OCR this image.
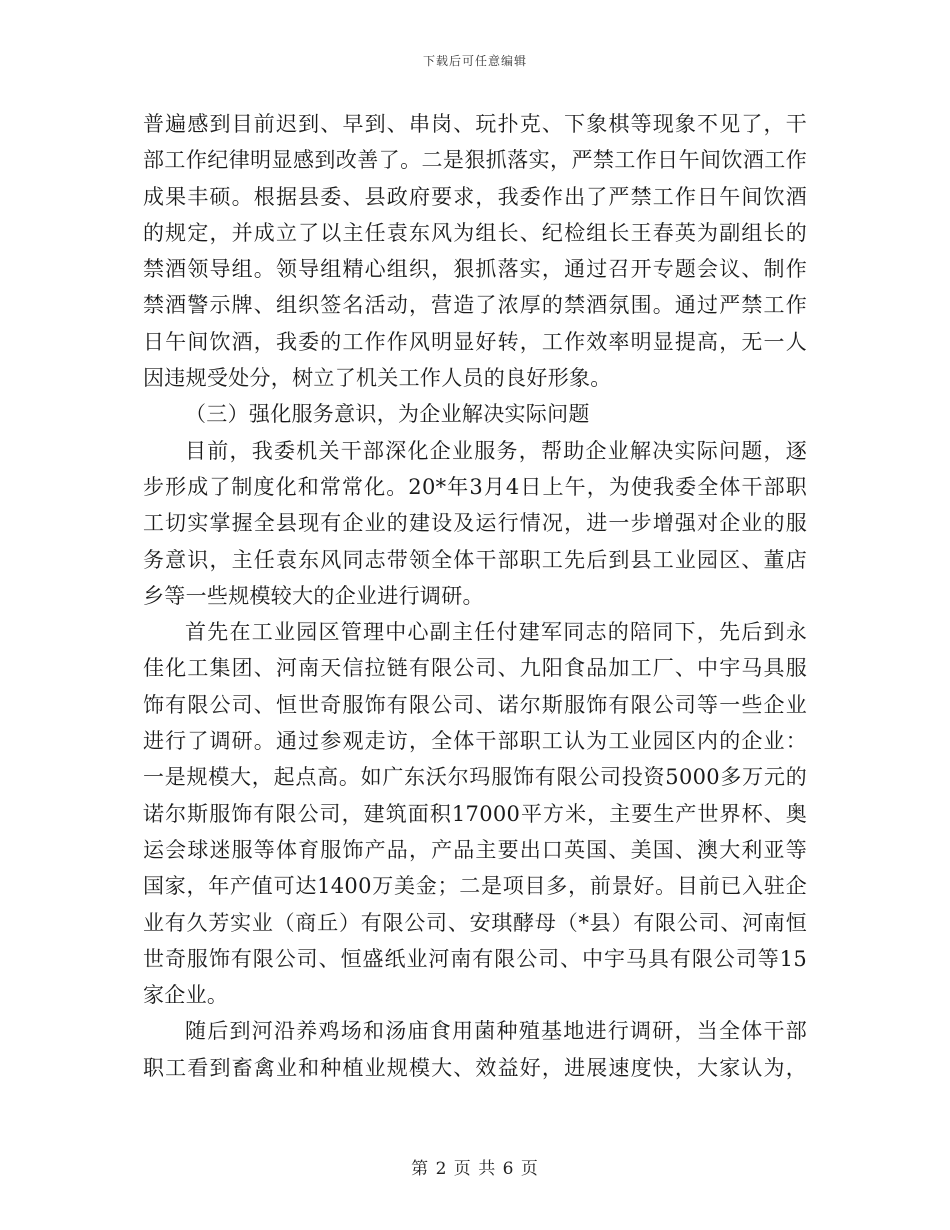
下载后可任意编辑
普遍感到目前迟到、早到、串岗、玩扑克、下象棋等现象不见了，干
部工作纪律明显感到改善了。二是狠抓落实，严禁工作日午间饮酒工作
成果丰硕。根据县委、县政府要求，我委作出了严禁工作日午间饮酒
的规定，并成立了以主任袁东风为组长、纪检组长王春英为副组长的
禁酒领导组。领导组精心组织，狠抓落实，通过召开专题会议、制作
禁酒警示牌、组织签名活动，营造了浓厚的禁酒氛围。通过严禁工作
日午间饮酒，我委的工作作风明显好转，工作效率明显提高，无一人
因违规受处分，树立了机关工作人员的良好形象。
（三）强化服务意识，为企业解决实际问题
目前，我委机关干部深化企业服务，帮助企业解决实际问题，逐
步形成了制度化和常常化。20*年3月4日上午，为使我委全体干部职
工切实掌握全县现有企业的建设及运行情况，进一步增强对企业的服
务意识，主任袁东风同志带领全体干部职工先后到县工业园区、董店
乡等一些规模较大的企业进行调研。
首先在工业园区管理中心副主任付建军同志的陪同下，先后到永
佳化工集团、河南天信拉链有限公司、九阳食品加工厂、中宇马具服
饰有限公司、恒世奇服饰有限公司、诺尔斯服饰有限公司等一些企业
进行了调研。通过参观走访，全体干部职工认为工业园区内的企业：
一是规模大，起点高。如广东沃尔玛服饰有限公司投资5000多万元的
诺尔斯服饰有限公司，建筑面积17000平方米，主要生产世界杯、奥
运会球迷服等体育服饰产品，产品主要出口英国、美国、澳大利亚等
国家，年产值可达1400万美金；二是项目多，前景好。目前已入驻企
业有久芳实业（商丘）有限公司、安琪酵母（*县）有限公司、河南恒
世奇服饰有限公司、恒盛纸业河南有限公司、中宇马具有限公司等15
家企业。
随后到河沿养鸡场和汤庙食用菌种殖基地进行调研，当全体干部
职工看到畜禽业和种植业规模大、效益好，进展速度快，大家认为，
第 2 页 共 6 页
